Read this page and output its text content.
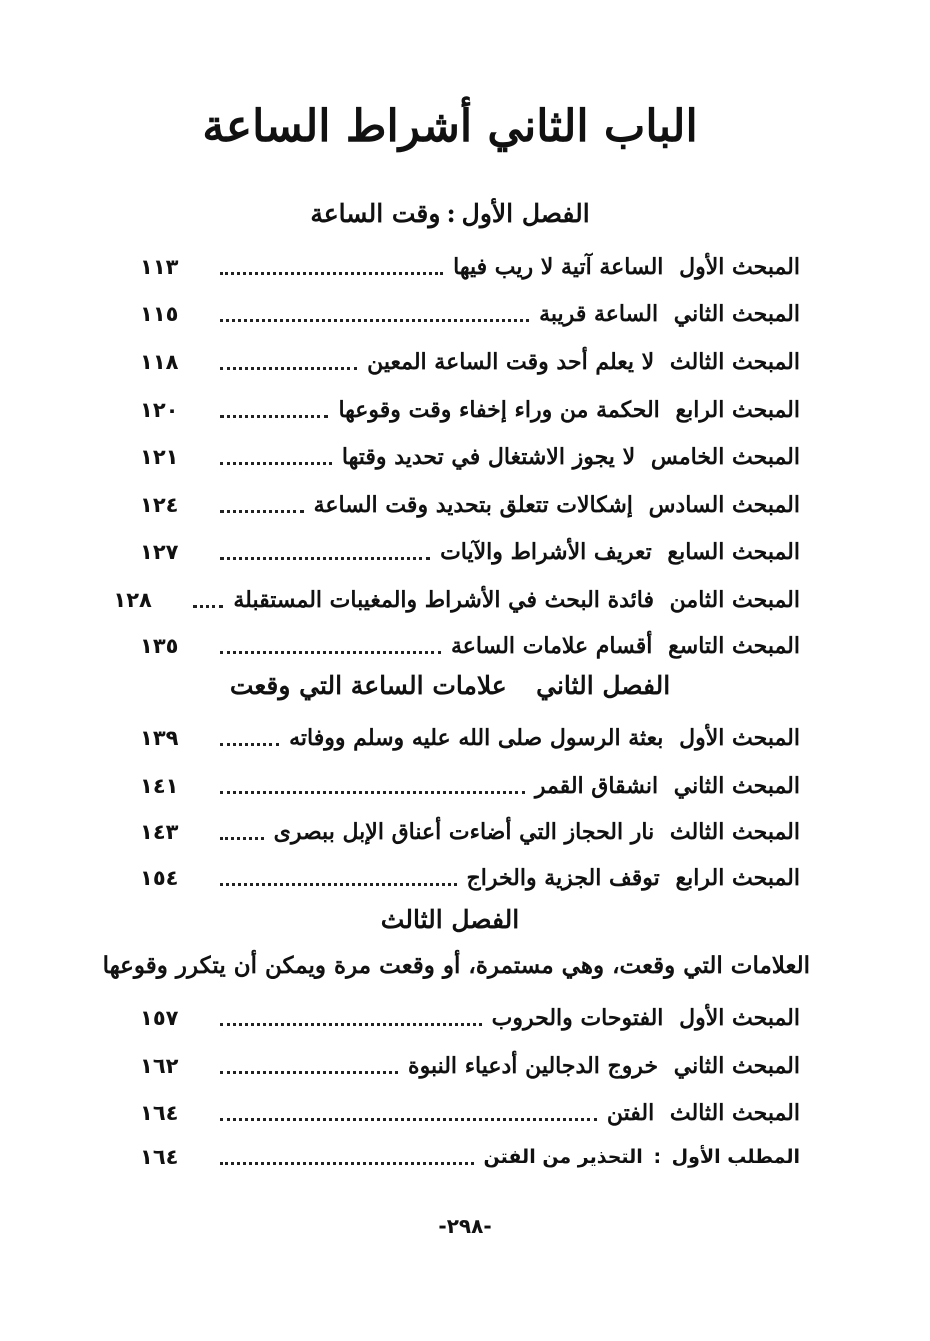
الباب الثاني أشراط الساعة
الفصل الأول:وقت الساعة
المبحث الأول الساعة آتية لا ريب فيها
١١٣
المبحث الثاني الساعة قريبة
١١٥
المبحث الثالث لا يعلم أحد وقت الساعة المعين
١١٨
المبحث الرابع الحكمة من وراء إخفاء وقت وقوعها
١٢٠
المبحث الخامس لا يجوز الاشتغال في تحديد وقتها
١٢١
المبحث السادس إشكالات تتعلق بتحديد وقت الساعة
١٢٤
المبحث السابع تعريف الأشراط والآيات
١٢٧
المبحث الثامن فائدة البحث في الأشراط والمغيبات المستقبلة
١٢٨
المبحث التاسع أقسام علامات الساعة
١٣٥
الفصل الثاني  علامات الساعة التي وقعت
المبحث الأول بعثة الرسول صلى الله عليه وسلم ووفاته
١٣٩
المبحث الثاني انشقاق القمر
١٤١
المبحث الثالث نار الحجاز التي أضاءت أعناق الإبل ببصرى
١٤٣
المبحث الرابع توقف الجزية والخراج
١٥٤
الفصل الثالث
العلامات التي وقعت، وهي مستمرة، أو وقعت مرة ويمكن أن يتكرر وقوعها
المبحث الأول الفتوحات والحروب
١٥٧
المبحث الثاني خروج الدجالين أدعياء النبوة
١٦٢
المبحث الثالث الفتن
١٦٤
المطلب الأول : التحذير من الفتن
١٦٤
-٢٩٨-
